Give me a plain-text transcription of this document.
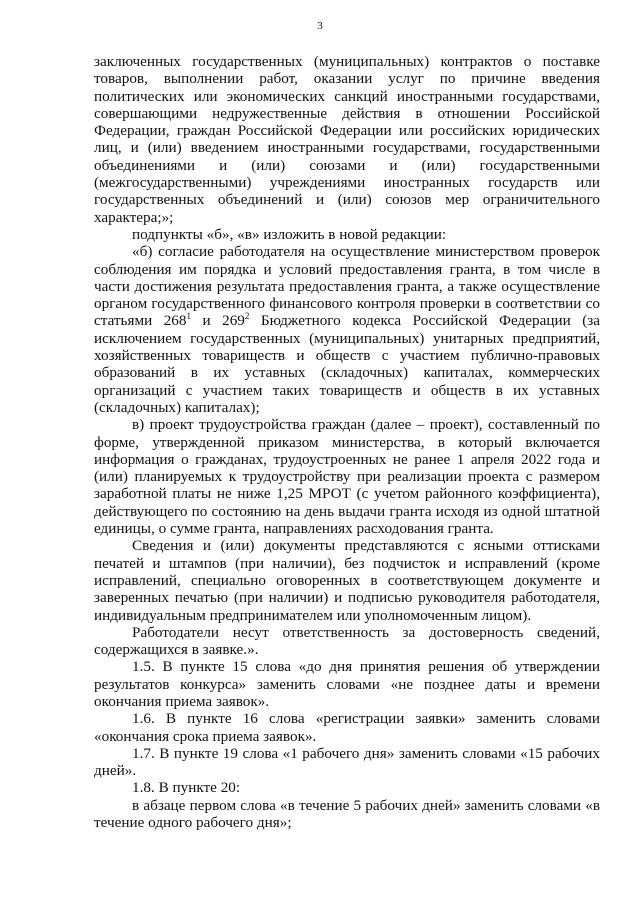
3

заключенных государственных (муниципальных) контрактов о поставке товаров, выполнении работ, оказании услуг по причине введения политических или экономических санкций иностранными государствами, совершающими недружественные действия в отношении Российской Федерации, граждан Российской Федерации или российских юридических лиц, и (или) введением иностранными государствами, государственными объединениями и (или) союзами и (или) государственными (межгосударственными) учреждениями иностранных государств или государственных объединений и (или) союзов мер ограничительного характера;»;

подпункты «б», «в» изложить в новой редакции:

«б) согласие работодателя на осуществление министерством проверок соблюдения им порядка и условий предоставления гранта, в том числе в части достижения результата предоставления гранта, а также осуществление органом государственного финансового контроля проверки в соответствии со статьями $268^1$ и $269^2$ Бюджетного кодекса Российской Федерации (за исключением государственных (муниципальных) унитарных предприятий, хозяйственных товариществ и обществ с участием публично-правовых образований в их уставных (складочных) капиталах, коммерческих организаций с участием таких товариществ и обществ в их уставных (складочных) капиталах);

в) проект трудоустройства граждан (далее – проект), составленный по форме, утвержденной приказом министерства, в который включается информация о гражданах, трудоустроенных не ранее 1 апреля 2022 года и (или) планируемых к трудоустройству при реализации проекта с размером заработной платы не ниже 1,25 МРОТ (с учетом районного коэффициента), действующего по состоянию на день выдачи гранта исходя из одной штатной единицы, о сумме гранта, направлениях расходования гранта.

Сведения и (или) документы представляются с ясными оттисками печатей и штампов (при наличии), без подчисток и исправлений (кроме исправлений, специально оговоренных в соответствующем документе и заверенных печатью (при наличии) и подписью руководителя работодателя, индивидуальным предпринимателем или уполномоченным лицом).

Работодатели несут ответственность за достоверность сведений, содержащихся в заявке.».

1.5. В пункте 15 слова «до дня принятия решения об утверждении результатов конкурса» заменить словами «не позднее даты и времени окончания приема заявок».

1.6. В пункте 16 слова «регистрации заявки» заменить словами «окончания срока приема заявок».

1.7. В пункте 19 слова «1 рабочего дня» заменить словами «15 рабочих дней».

1.8. В пункте 20:

в абзаце первом слова «в течение 5 рабочих дней» заменить словами «в течение одного рабочего дня»;
